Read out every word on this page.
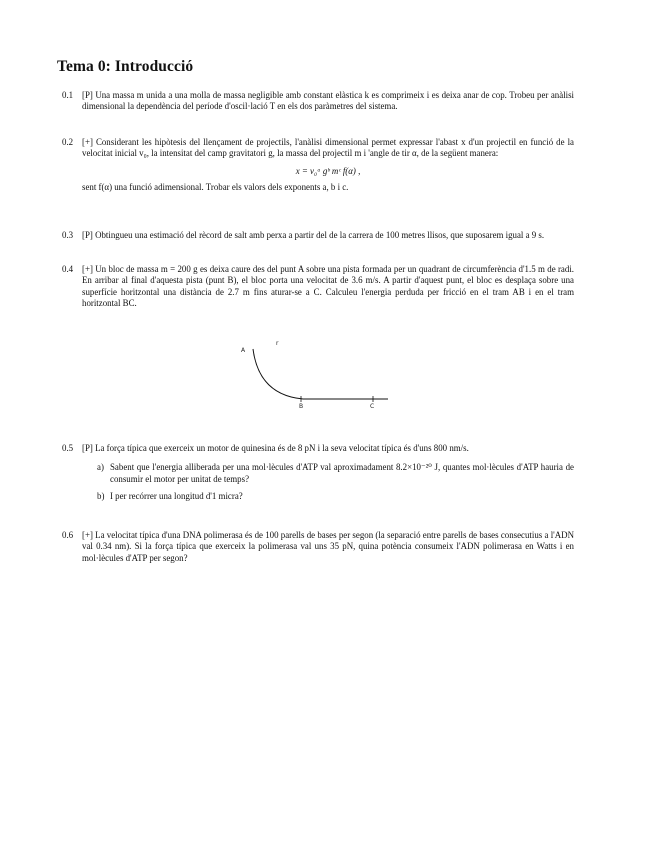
Tema 0: Introducció
0.1 [P] Una massa m unida a una molla de massa negligible amb constant elàstica k es comprimeix i es deixa anar de cop. Trobeu per anàlisi dimensional la dependència del període d'oscil·lació T en els dos paràmetres del sistema.
0.2 [+] Considerant les hipòtesis del llençament de projectils, l'anàlisi dimensional permet expressar l'abast x d'un projectil en funció de la velocitat inicial v₀, la intensitat del camp gravitatori g, la massa del projectil m i 'angle de tir α, de la següent manera:
x = v₀ᵃ gᵇ mᶜ f(α) ,
sent f(α) una funció adimensional. Trobar els valors dels exponents a, b i c.
0.3 [P] Obtingueu una estimació del rècord de salt amb perxa a partir del de la carrera de 100 metres llisos, que suposarem igual a 9 s.
0.4 [+] Un bloc de massa m = 200 g es deixa caure des del punt A sobre una pista formada per un quadrant de circumferència d'1.5 m de radi. En arribar al final d'aquesta pista (punt B), el bloc porta una velocitat de 3.6 m/s. A partir d'aquest punt, el bloc es desplaça sobre una superfície horitzontal una distància de 2.7 m fins aturar-se a C. Calculeu l'energia perduda per fricció en el tram AB i en el tram horitzontal BC.
A
B	C
r
0.5 [P] La força típica que exerceix un motor de quinesina és de 8 pN i la seva velocitat típica és d'uns 800 nm/s.
a) Sabent que l'energia alliberada per una mol·lècules d'ATP val aproximadament 8.2×10⁻²⁰ J, quantes mol·lècules d'ATP hauria de consumir el motor per unitat de temps?
b) I per recórrer una longitud d'1 micra?
0.6 [+] La velocitat típica d'una DNA polimerasa és de 100 parells de bases per segon (la separació entre parells de bases consecutius a l'ADN val 0.34 nm). Si la força típica que exerceix la polimerasa val uns 35 pN, quina potència consumeix l'ADN polimerasa en Watts i en mol·lècules d'ATP per segon?
